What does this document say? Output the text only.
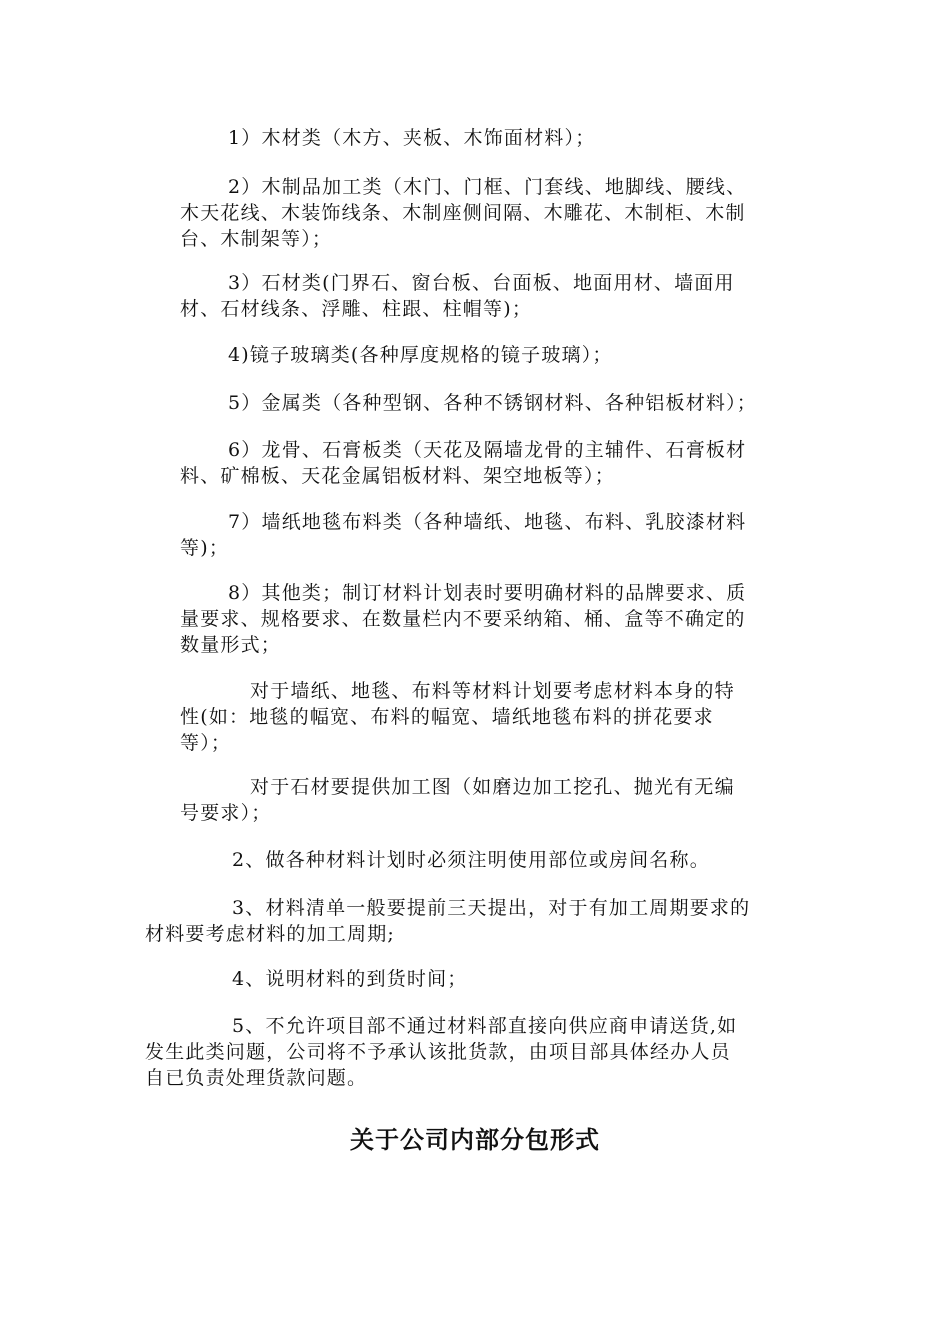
1）木材类（木方、夹板、木饰面材料）；
2）木制品加工类（木门、门框、门套线、地脚线、腰线、
木天花线、木装饰线条、木制座侧间隔、木雕花、木制柜、木制
台、木制架等）；
3）石材类(门界石、窗台板、台面板、地面用材、墙面用
材、石材线条、浮雕、柱跟、柱帽等)；
4)镜子玻璃类(各种厚度规格的镜子玻璃）；
5）金属类（各种型钢、各种不锈钢材料、各种铝板材料）；
6）龙骨、石膏板类（天花及隔墙龙骨的主辅件、石膏板材
料、矿棉板、天花金属铝板材料、架空地板等）；
7）墙纸地毯布料类（各种墙纸、地毯、布料、乳胶漆材料
等)；
8）其他类；制订材料计划表时要明确材料的品牌要求、质
量要求、规格要求、在数量栏内不要采纳箱、桶、盒等不确定的
数量形式；
对于墙纸、地毯、布料等材料计划要考虑材料本身的特
性(如：地毯的幅宽、布料的幅宽、墙纸地毯布料的拼花要求
等）；
对于石材要提供加工图（如磨边加工挖孔、抛光有无编
号要求）；
2、做各种材料计划时必须注明使用部位或房间名称。
3、材料清单一般要提前三天提出，对于有加工周期要求的
材料要考虑材料的加工周期;
4、说明材料的到货时间；
5、不允许项目部不通过材料部直接向供应商申请送货,如
发生此类问题，公司将不予承认该批货款，由项目部具体经办人员
自已负责处理货款问题。
关于公司内部分包形式
